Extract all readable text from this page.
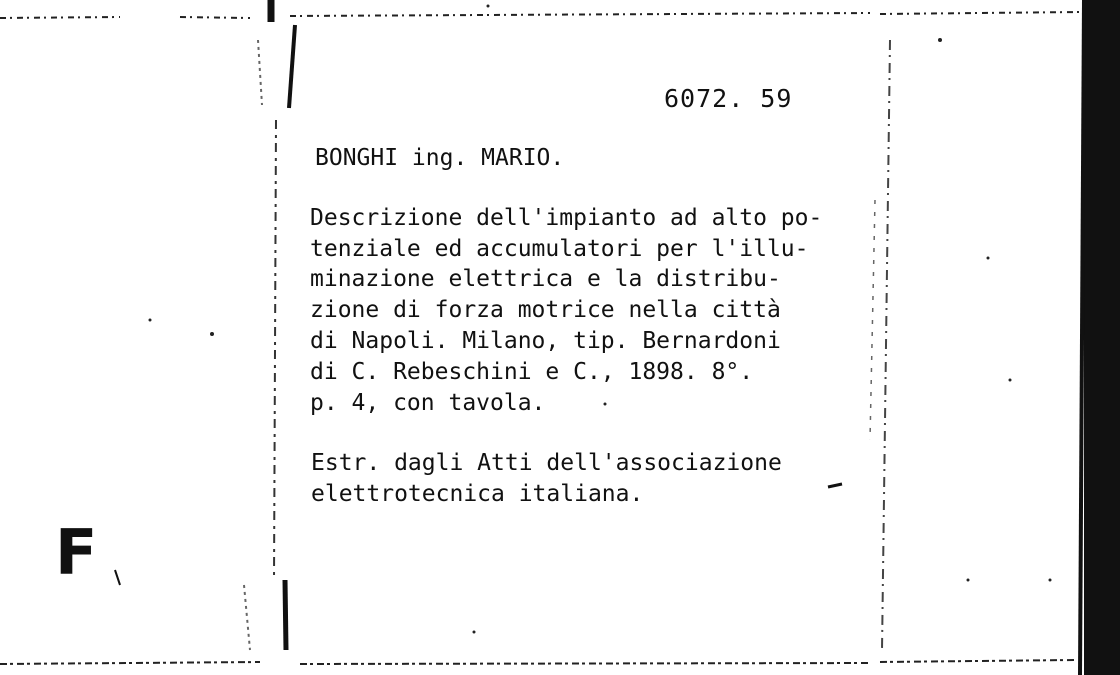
6072. 59
BONGHI ing. MARIO.
Descrizione dell'impianto ad alto po-
tenziale ed accumulatori per l'illu-
minazione elettrica e la distribu-
zione di forza motrice nella città
di Napoli. Milano, tip. Bernardoni
di C. Rebeschini e C., 1898. 8°.
p. 4, con tavola.
Estr. dagli Atti dell'associazione
elettrotecnica italiana.
F
